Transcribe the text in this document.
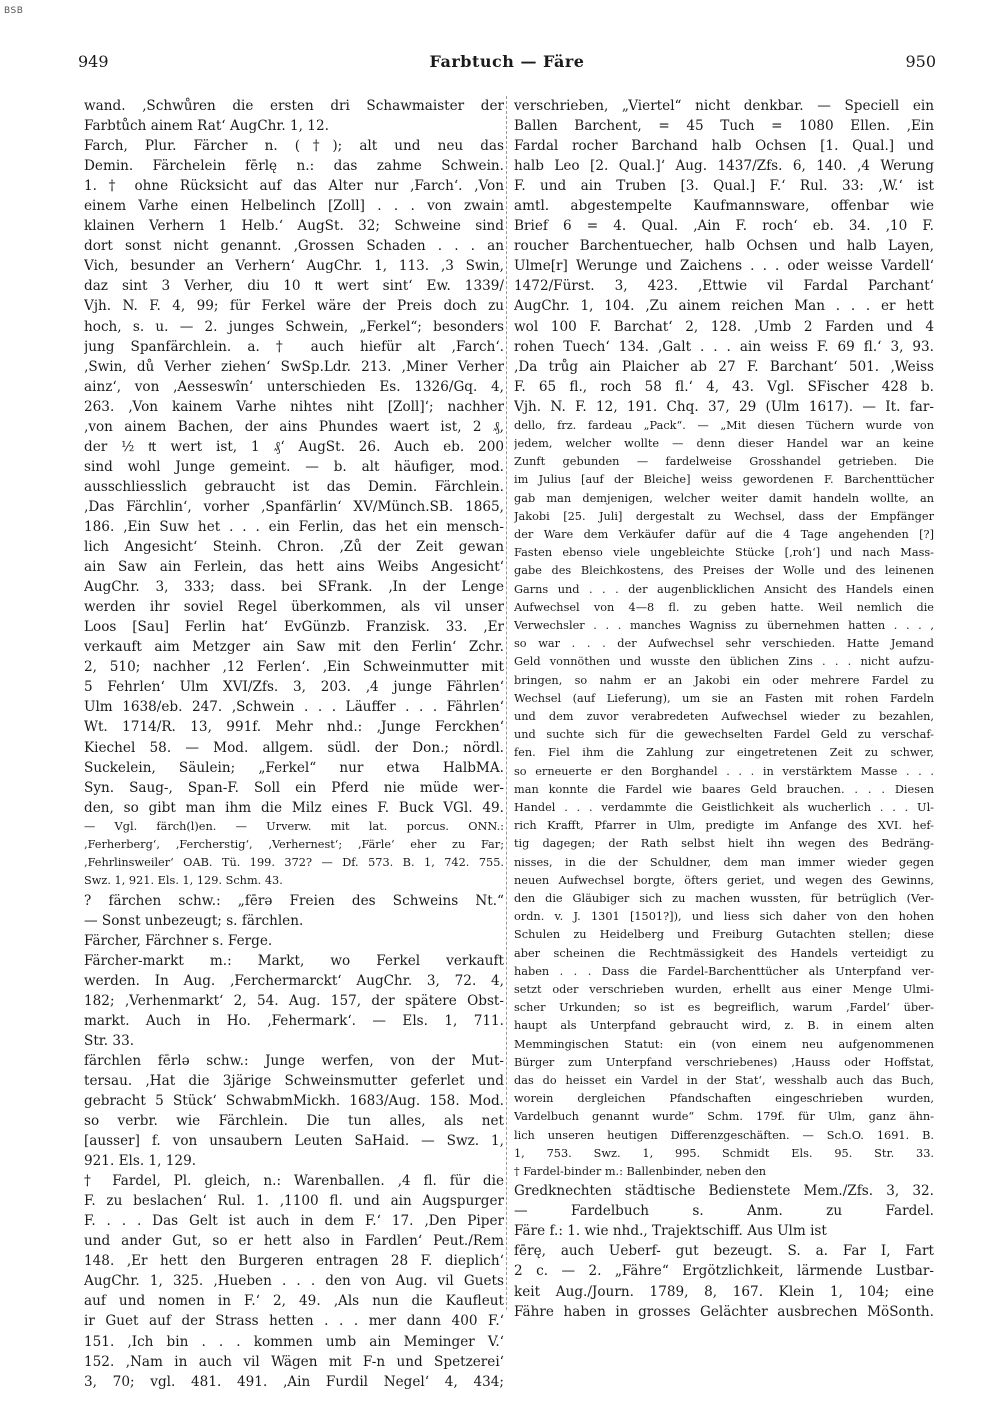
BSB
949	Farbtuch — Färe	950
wand. ‚Schwůren die ersten dri Schawmaister der
Farbtůch ainem Rat‘ AugChr. 1, 12.
Farch, Plur. Färcher n. (†); alt und neu das
Demin. Färchelein fērlę n.: das zahme Schwein.
1. † ohne Rücksicht auf das Alter nur ‚Farch‘. ‚Von
einem Varhe einen Helbelinch [Zoll] . . . von zwain
klainen Verhern 1 Helb.‘ AugSt. 32; Schweine sind
dort sonst nicht genannt. ‚Grossen Schaden . . . an
Vich, besunder an Verhern‘ AugChr. 1, 113. ‚3 Swin,
daz sint 3 Verher, diu 10 ₶ wert sint‘ Ew. 1339/
Vjh. N. F. 4, 99; für Ferkel wäre der Preis doch zu
hoch, s. u. — 2. junges Schwein, „Ferkel“; besonders
jung Spanfärchlein. a. † auch hiefür alt ‚Farch‘.
‚Swin, dů Verher ziehen‘ SwSp.Ldr. 213. ‚Miner Verher
ainz‘, von ‚Aesseswîn‘ unterschieden Es. 1326/Gq. 4,
263. ‚Von kainem Varhe nihtes niht [Zoll]‘; nachher
‚von ainem Bachen, der ains Phundes waert ist, 2 ₰,
der ½ ₶ wert ist, 1 ₰‘ AugSt. 26. Auch eb. 200
sind wohl Junge gemeint. — b. alt häufiger, mod.
ausschliesslich gebraucht ist das Demin. Färchlein.
‚Das Färchlin‘, vorher ‚Spanfärlin‘ XV/Münch.SB. 1865,
186. ‚Ein Suw het . . . ein Ferlin, das het ein mensch-
lich Angesicht‘ Steinh. Chron. ‚Zů der Zeit gewan
ain Saw ain Ferlein, das hett ains Weibs Angesicht‘
AugChr. 3, 333; dass. bei SFrank. ‚In der Lenge
werden ihr soviel Regel überkommen, als vil unser
Loos [Sau] Ferlin hat‘ EvGünzb. Franzisk. 33. ‚Er
verkauft aim Metzger ain Saw mit den Ferlin‘ Zchr.
2, 510; nachher ‚12 Ferlen‘. ‚Ein Schweinmutter mit
5 Fehrlen‘ Ulm XVI/Zfs. 3, 203. ‚4 junge Fährlen‘
Ulm 1638/eb. 247. ‚Schwein . . . Läuffer . . . Fährlen‘
Wt. 1714/R. 13, 991f. Mehr nhd.: ‚Junge Ferckhen‘
Kiechel 58. — Mod. allgem. südl. der Don.; nördl.
Suckelein, Säulein; „Ferkel“ nur etwa HalbMA.
Syn. Saug-, Span-F. Soll ein Pferd nie müde wer-
den, so gibt man ihm die Milz eines F. Buck VGl. 49.
— Vgl. färch(l)en. — Urverw. mit lat. porcus. ONN.:
‚Ferherberg‘, ‚Fercherstig‘, ‚Verhernest‘; ‚Färle‘ eher zu Far;
‚Fehrlinsweiler‘ OAB. Tü. 199. 372? — Df. 573. B. 1, 742. 755.
Swz. 1, 921. Els. 1, 129. Schm. 43.
? färchen schw.: „fērə Freien des Schweins Nt.“
— Sonst unbezeugt; s. färchlen.
Färcher, Färchner s. Ferge.
Färcher-markt m.: Markt, wo Ferkel verkauft
werden. In Aug. ‚Ferchermarckt‘ AugChr. 3, 72. 4,
182; ‚Verhenmarkt‘ 2, 54. Aug. 157, der spätere Obst-
markt. Auch in Ho. ‚Fehermark‘. — Els. 1, 711.
Str. 33.
färchlen fērlə schw.: Junge werfen, von der Mut-
tersau. ‚Hat die 3järige Schweinsmutter geferlet und
gebracht 5 Stück‘ SchwabmMickh. 1683/Aug. 158. Mod.
so verbr. wie Färchlein. Die tun alles, als net
[ausser] f. von unsaubern Leuten SaHaid. — Swz. 1,
921. Els. 1, 129.
† Fardel, Pl. gleich, n.: Warenballen. ‚4 fl. für die
F. zu beslachen‘ Rul. 1. ‚1100 fl. und ain Augspurger
F. . . . Das Gelt ist auch in dem F.‘ 17. ‚Den Piper
und ander Gut, so er hett also in Fardlen‘ Peut./Rem
148. ‚Er hett den Burgeren entragen 28 F. dieplich‘
AugChr. 1, 325. ‚Hueben . . . den von Aug. vil Guets
auf und nomen in F.‘ 2, 49. ‚Als nun die Kaufleut
ir Guet auf der Strass hetten . . . mer dann 400 F.‘
151. ‚Ich bin . . . kommen umb ain Meminger V.‘
152. ‚Nam in auch vil Wägen mit F-n und Spetzerei‘
3, 70; vgl. 481. 491. ‚Ain Furdil Negel‘ 4, 434;
verschrieben, „Viertel“ nicht denkbar. — Speciell ein
Ballen Barchent, = 45 Tuch = 1080 Ellen. ‚Ein
Fardal rocher Barchand halb Ochsen [1. Qual.] und
halb Leo [2. Qual.]‘ Aug. 1437/Zfs. 6, 140. ‚4 Werung
F. und ain Truben [3. Qual.] F.‘ Rul. 33: ‚W.‘ ist
amtl. abgestempelte Kaufmannsware, offenbar wie
Brief 6 = 4. Qual. ‚Ain F. roch‘ eb. 34. ‚10 F.
roucher Barchentuecher, halb Ochsen und halb Layen,
Ulme[r] Werunge und Zaichens . . . oder weisse Vardell‘
1472/Fürst. 3, 423. ‚Ettwie vil Fardal Parchant‘
AugChr. 1, 104. ‚Zu ainem reichen Man . . . er hett
wol 100 F. Barchat‘ 2, 128. ‚Umb 2 Farden und 4
rohen Tuech‘ 134. ‚Galt . . . ain weiss F. 69 fl.‘ 3, 93.
‚Da trůg ain Plaicher ab 27 F. Barchant‘ 501. ‚Weiss
F. 65 fl., roch 58 fl.‘ 4, 43. Vgl. SFischer 428 b.
Vjh. N. F. 12, 191. Chq. 37, 29 (Ulm 1617). — It. far-
dello, frz. fardeau „Pack“. — „Mit diesen Tüchern wurde von
jedem, welcher wollte — denn dieser Handel war an keine
Zunft gebunden — fardelweise Grosshandel getrieben. Die
im Julius [auf der Bleiche] weiss gewordenen F. Barchenttücher
gab man demjenigen, welcher weiter damit handeln wollte, an
Jakobi [25. Juli] dergestalt zu Wechsel, dass der Empfänger
der Ware dem Verkäufer dafür auf die 4 Tage angehenden [?]
Fasten ebenso viele ungebleichte Stücke [‚roh‘] und nach Mass-
gabe des Bleichkostens, des Preises der Wolle und des leinenen
Garns und . . . der augenblicklichen Ansicht des Handels einen
Aufwechsel von 4—8 fl. zu geben hatte. Weil nemlich die
Verwechsler . . . manches Wagniss zu übernehmen hatten . . . ,
so war . . . der Aufwechsel sehr verschieden. Hatte Jemand
Geld vonnöthen und wusste den üblichen Zins . . . nicht aufzu-
bringen, so nahm er an Jakobi ein oder mehrere Fardel zu
Wechsel (auf Lieferung), um sie an Fasten mit rohen Fardeln
und dem zuvor verabredeten Aufwechsel wieder zu bezahlen,
und suchte sich für die gewechselten Fardel Geld zu verschaf-
fen. Fiel ihm die Zahlung zur eingetretenen Zeit zu schwer,
so erneuerte er den Borghandel . . . in verstärktem Masse . . .
man konnte die Fardel wie baares Geld brauchen. . . . Diesen
Handel . . . verdammte die Geistlichkeit als wucherlich . . . Ul-
rich Krafft, Pfarrer in Ulm, predigte im Anfange des XVI. hef-
tig dagegen; der Rath selbst hielt ihn wegen des Bedräng-
nisses, in die der Schuldner, dem man immer wieder gegen
neuen Aufwechsel borgte, öfters geriet, und wegen des Gewinns,
den die Gläubiger sich zu machen wussten, für betrüglich (Ver-
ordn. v. J. 1301 [1501?]), und liess sich daher von den hohen
Schulen zu Heidelberg und Freiburg Gutachten stellen; diese
aber scheinen die Rechtmässigkeit des Handels verteidigt zu
haben . . . Dass die Fardel-Barchenttücher als Unterpfand ver-
setzt oder verschrieben wurden, erhellt aus einer Menge Ulmi-
scher Urkunden; so ist es begreiflich, warum ‚Fardel‘ über-
haupt als Unterpfand gebraucht wird, z. B. in einem alten
Memmingischen Statut: ein (von einem neu aufgenommenen
Bürger zum Unterpfand verschriebenes) ‚Hauss oder Hoffstat,
das do heisset ein Vardel in der Stat‘, wesshalb auch das Buch,
worein dergleichen Pfandschaften eingeschrieben wurden,
Vardelbuch genannt wurde“ Schm. 179f. für Ulm, ganz ähn-
lich unseren heutigen Differenzgeschäften. — Sch.O. 1691. B.
1, 753. Swz. 1, 995. Schmidt Els. 95. Str. 33.
† Fardel-binder m.: Ballenbinder, neben den
Gredknechten städtische Bedienstete Mem./Zfs. 3, 32.
— Fardelbuch s. Anm. zu Fardel.
Färe f.: 1. wie nhd., Trajektschiff. Aus Ulm ist
fērę, auch Ueberf- gut bezeugt. S. a. Far I, Fart
2 c. — 2. „Fähre“ Ergötzlichkeit, lärmende Lustbar-
keit Aug./Journ. 1789, 8, 167. Klein 1, 104; eine
Fähre haben in grosses Gelächter ausbrechen MöSonth.
